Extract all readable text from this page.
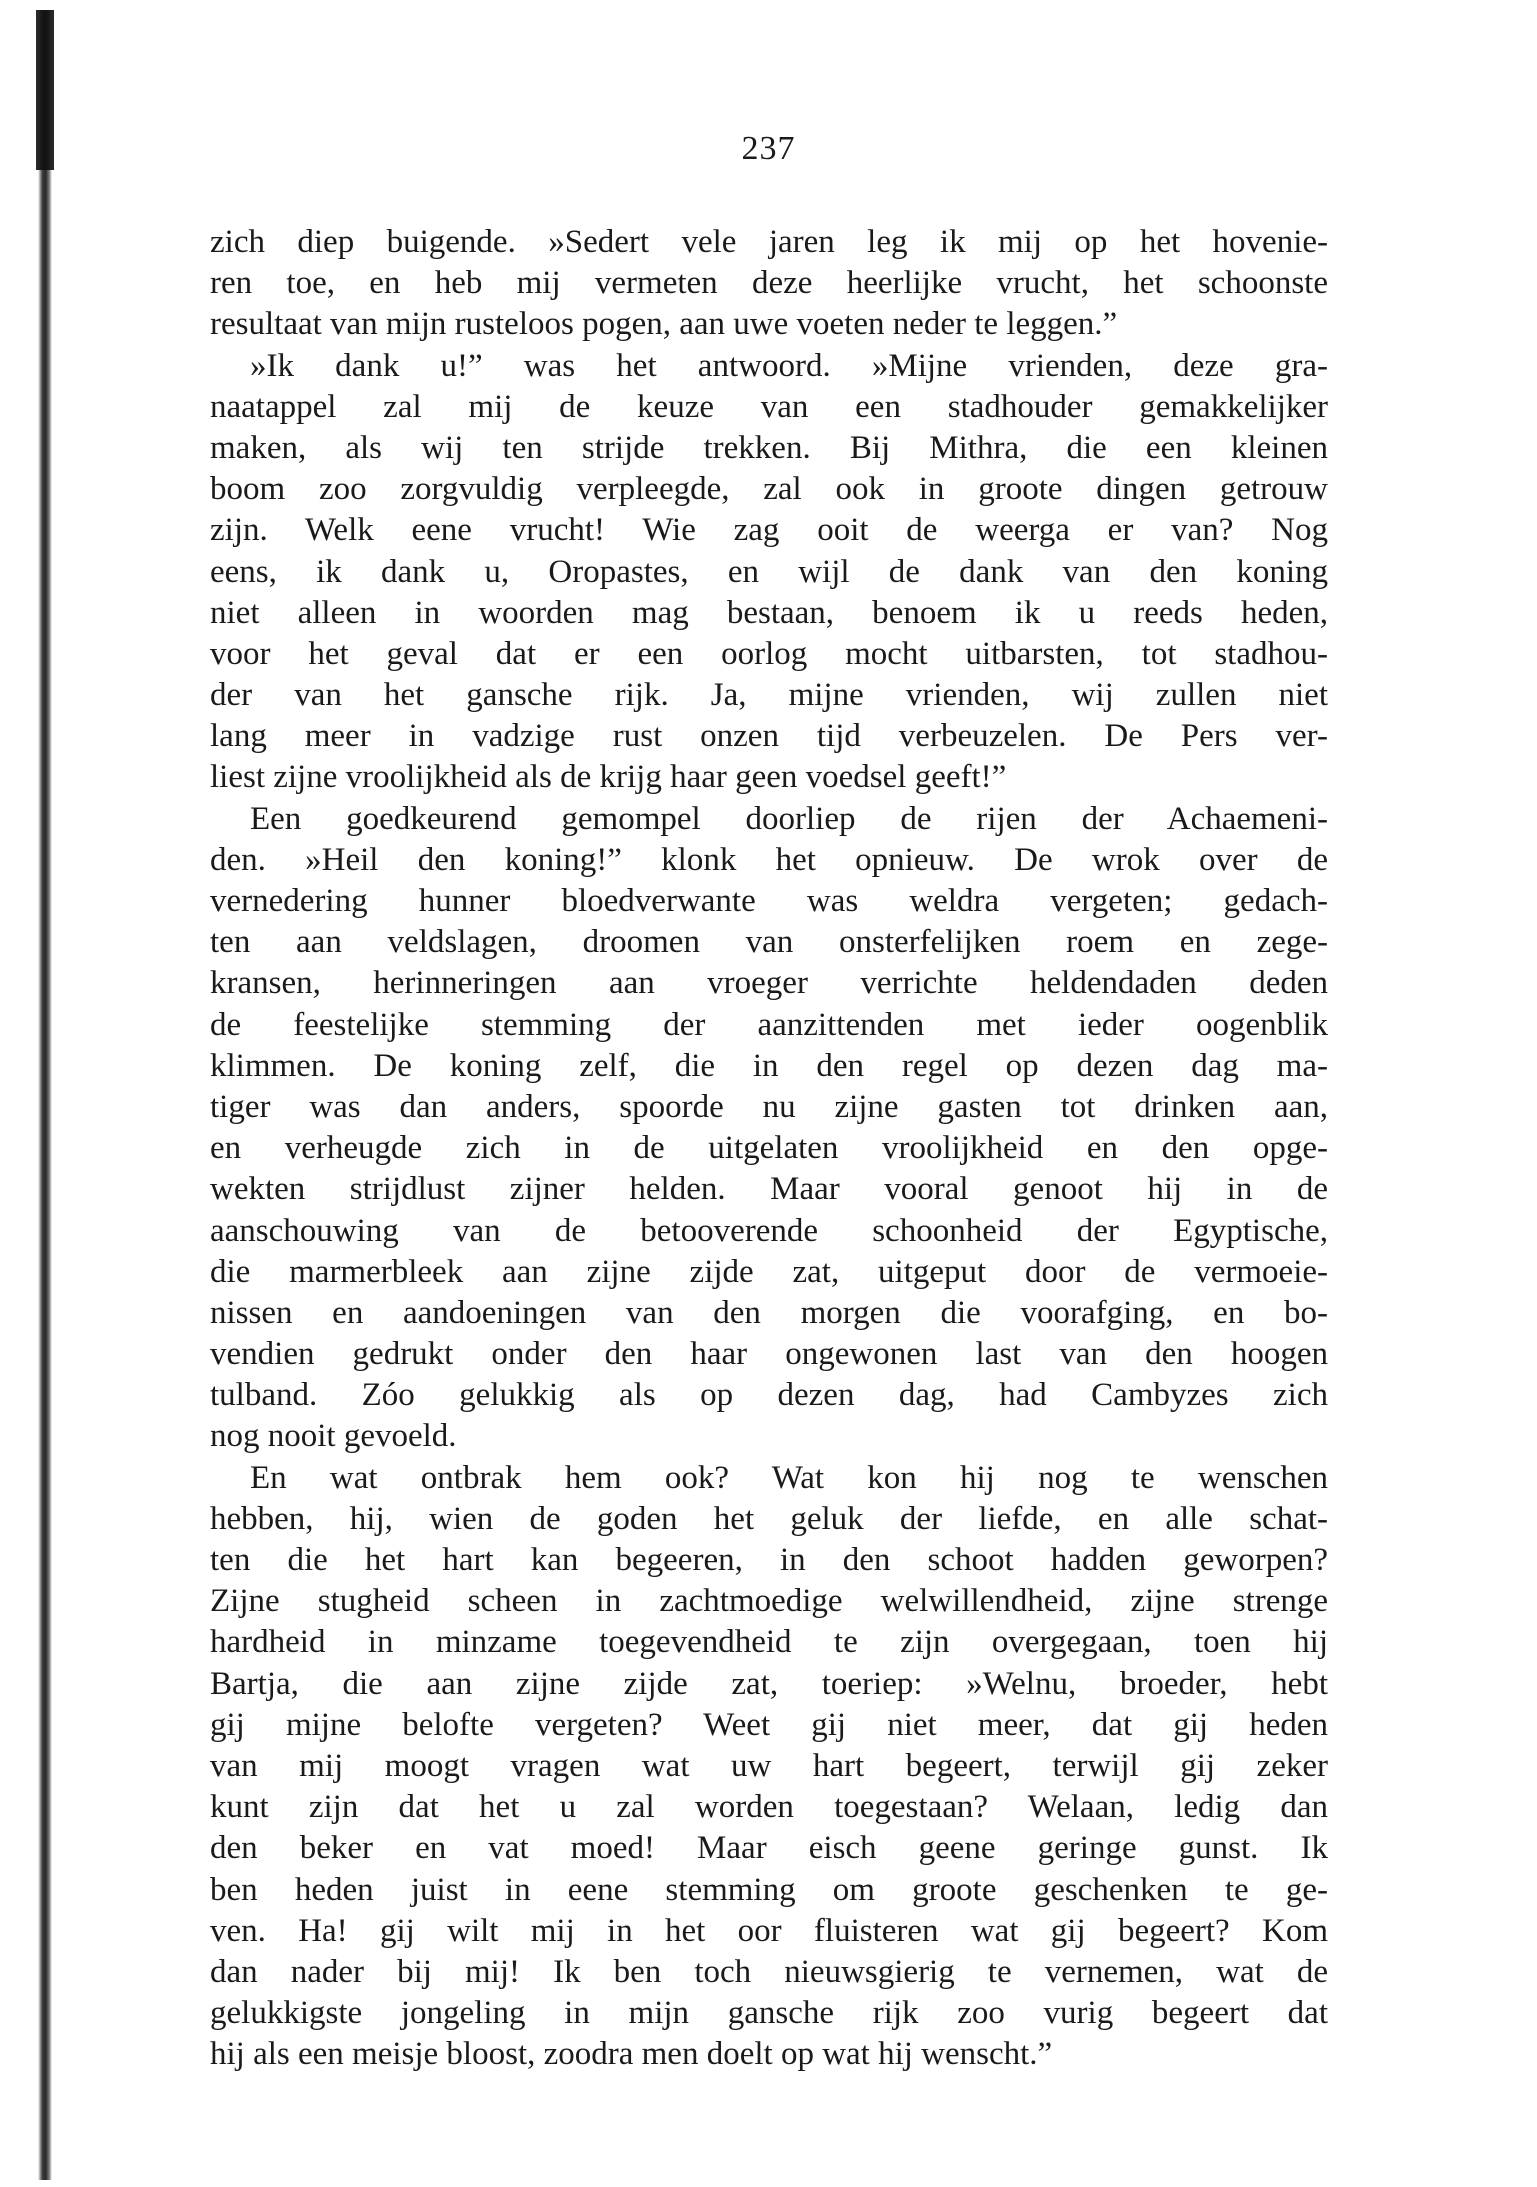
237
zich diep buigende. »Sedert vele jaren leg ik mij op het hovenie-
ren toe, en heb mij vermeten deze heerlijke vrucht, het schoonste
resultaat van mijn rusteloos pogen, aan uwe voeten neder te leggen.”
»Ik dank u!” was het antwoord. »Mijne vrienden, deze gra-
naatappel zal mij de keuze van een stadhouder gemakkelijker
maken, als wij ten strijde trekken. Bij Mithra, die een kleinen
boom zoo zorgvuldig verpleegde, zal ook in groote dingen getrouw
zijn. Welk eene vrucht! Wie zag ooit de weerga er van? Nog
eens, ik dank u, Oropastes, en wijl de dank van den koning
niet alleen in woorden mag bestaan, benoem ik u reeds heden,
voor het geval dat er een oorlog mocht uitbarsten, tot stadhou-
der van het gansche rijk. Ja, mijne vrienden, wij zullen niet
lang meer in vadzige rust onzen tijd verbeuzelen. De Pers ver-
liest zijne vroolijkheid als de krijg haar geen voedsel geeft!”
Een goedkeurend gemompel doorliep de rijen der Achaemeni-
den. »Heil den koning!” klonk het opnieuw. De wrok over de
vernedering hunner bloedverwante was weldra vergeten; gedach-
ten aan veldslagen, droomen van onsterfelijken roem en zege-
kransen, herinneringen aan vroeger verrichte heldendaden deden
de feestelijke stemming der aanzittenden met ieder oogenblik
klimmen. De koning zelf, die in den regel op dezen dag ma-
tiger was dan anders, spoorde nu zijne gasten tot drinken aan,
en verheugde zich in de uitgelaten vroolijkheid en den opge-
wekten strijdlust zijner helden. Maar vooral genoot hij in de
aanschouwing van de betooverende schoonheid der Egyptische,
die marmerbleek aan zijne zijde zat, uitgeput door de vermoeie-
nissen en aandoeningen van den morgen die voorafging, en bo-
vendien gedrukt onder den haar ongewonen last van den hoogen
tulband. Zóo gelukkig als op dezen dag, had Cambyzes zich
nog nooit gevoeld.
En wat ontbrak hem ook? Wat kon hij nog te wenschen
hebben, hij, wien de goden het geluk der liefde, en alle schat-
ten die het hart kan begeeren, in den schoot hadden geworpen?
Zijne stugheid scheen in zachtmoedige welwillendheid, zijne strenge
hardheid in minzame toegevendheid te zijn overgegaan, toen hij
Bartja, die aan zijne zijde zat, toeriep: »Welnu, broeder, hebt
gij mijne belofte vergeten? Weet gij niet meer, dat gij heden
van mij moogt vragen wat uw hart begeert, terwijl gij zeker
kunt zijn dat het u zal worden toegestaan? Welaan, ledig dan
den beker en vat moed! Maar eisch geene geringe gunst. Ik
ben heden juist in eene stemming om groote geschenken te ge-
ven. Ha! gij wilt mij in het oor fluisteren wat gij begeert? Kom
dan nader bij mij! Ik ben toch nieuwsgierig te vernemen, wat de
gelukkigste jongeling in mijn gansche rijk zoo vurig begeert dat
hij als een meisje bloost, zoodra men doelt op wat hij wenscht.”
